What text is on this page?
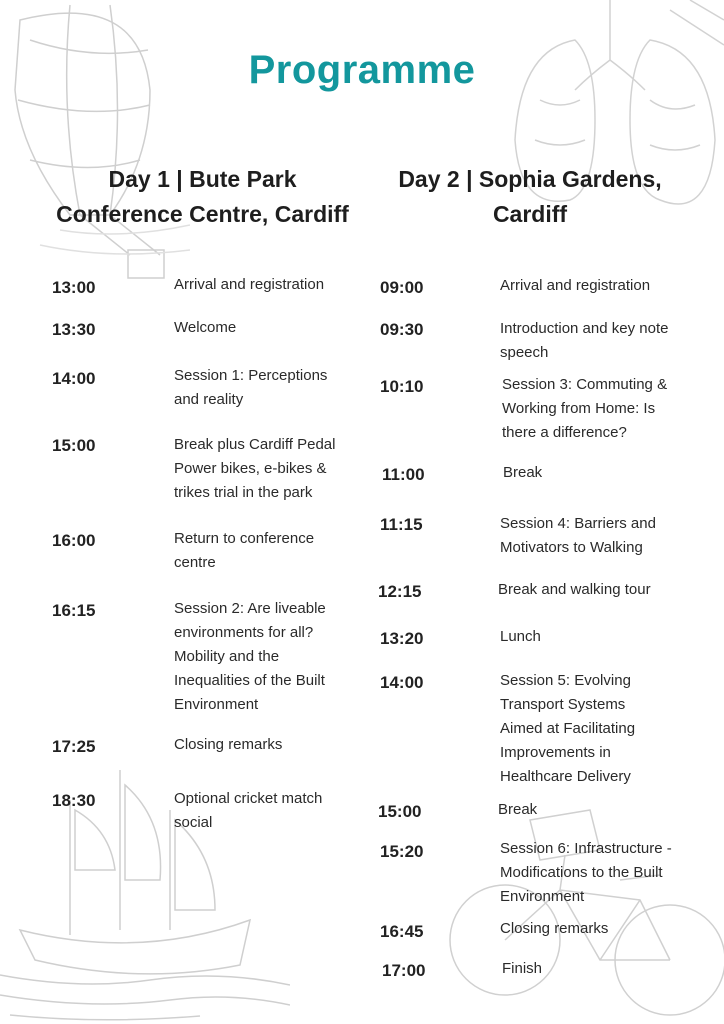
Programme
Day 1 | Bute Park
Conference Centre, Cardiff
Day 2 | Sophia Gardens,
Cardiff
13:00	Arrival and registration
13:30	Welcome
14:00	Session 1: Perceptions and reality
15:00	Break plus Cardiff Pedal Power bikes, e-bikes & trikes trial in the park
16:00	Return to conference centre
16:15	Session 2: Are liveable environments for all? Mobility and the Inequalities of the Built Environment
17:25	Closing remarks
18:30	Optional cricket match social
09:00	Arrival and registration
09:30	Introduction and key note speech
10:10	Session 3: Commuting & Working from Home: Is there a difference?
11:00	Break
11:15	Session 4: Barriers and Motivators to Walking
12:15	Break and walking tour
13:20	Lunch
14:00	Session 5: Evolving Transport Systems Aimed at Facilitating Improvements in Healthcare Delivery
15:00	Break
15:20	Session 6: Infrastructure - Modifications to the Built Environment
16:45	Closing remarks
17:00	Finish
